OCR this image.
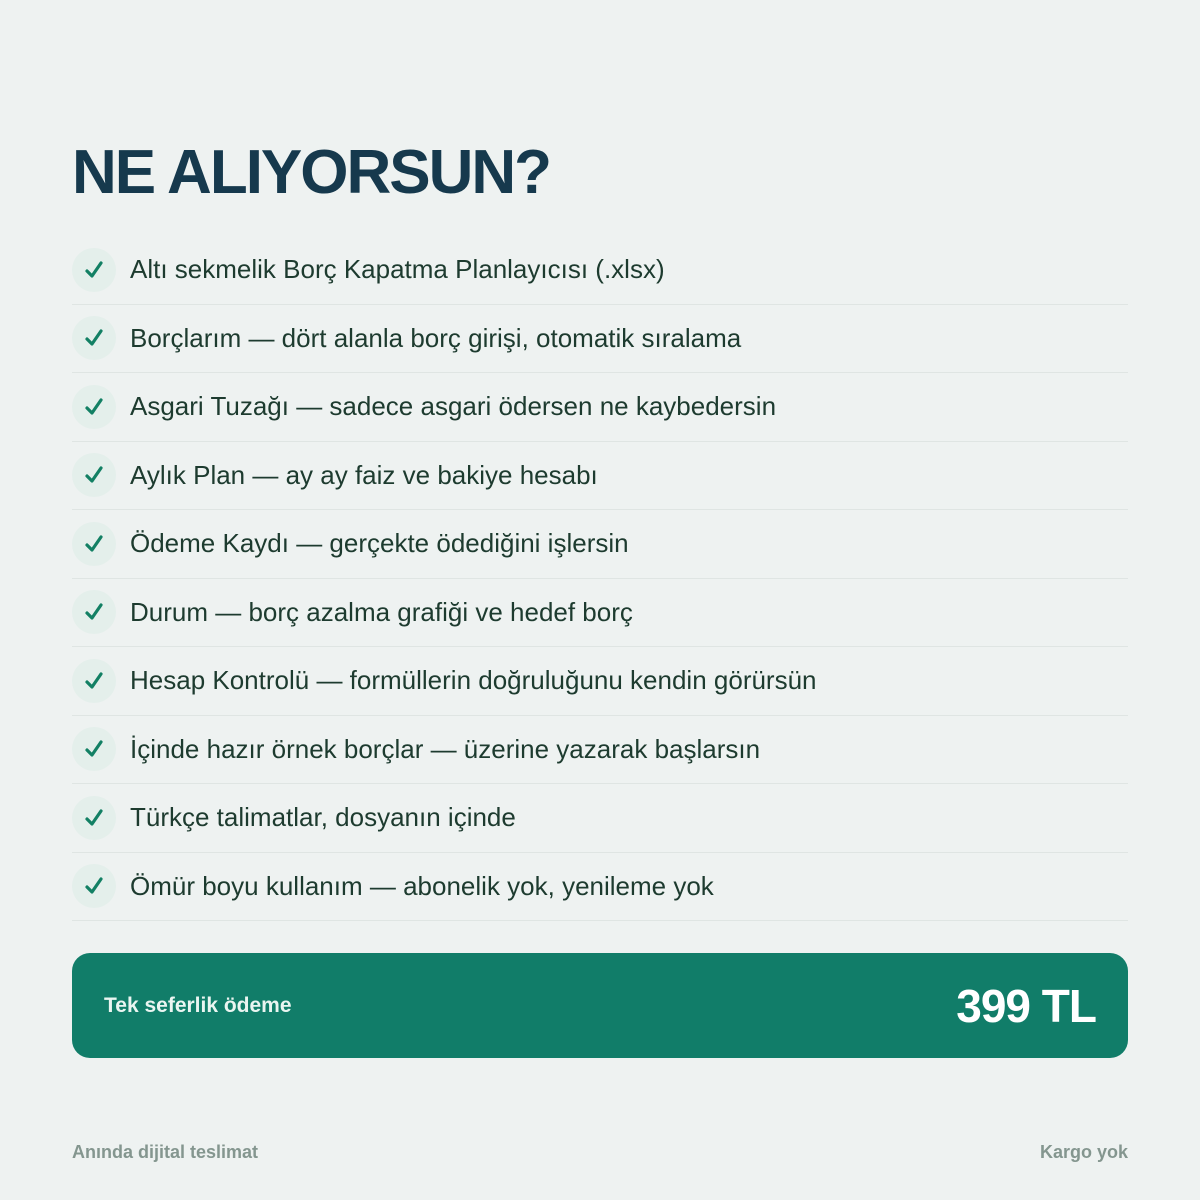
NE ALIYORSUN?
Altı sekmelik Borç Kapatma Planlayıcısı (.xlsx)
Borçlarım — dört alanla borç girişi, otomatik sıralama
Asgari Tuzağı — sadece asgari ödersen ne kaybedersin
Aylık Plan — ay ay faiz ve bakiye hesabı
Ödeme Kaydı — gerçekte ödediğini işlersin
Durum — borç azalma grafiği ve hedef borç
Hesap Kontrolü — formüllerin doğruluğunu kendin görürsün
İçinde hazır örnek borçlar — üzerine yazarak başlarsın
Türkçe talimatlar, dosyanın içinde
Ömür boyu kullanım — abonelik yok, yenileme yok
Tek seferlik ödeme	399 TL
Anında dijital teslimat	Kargo yok
